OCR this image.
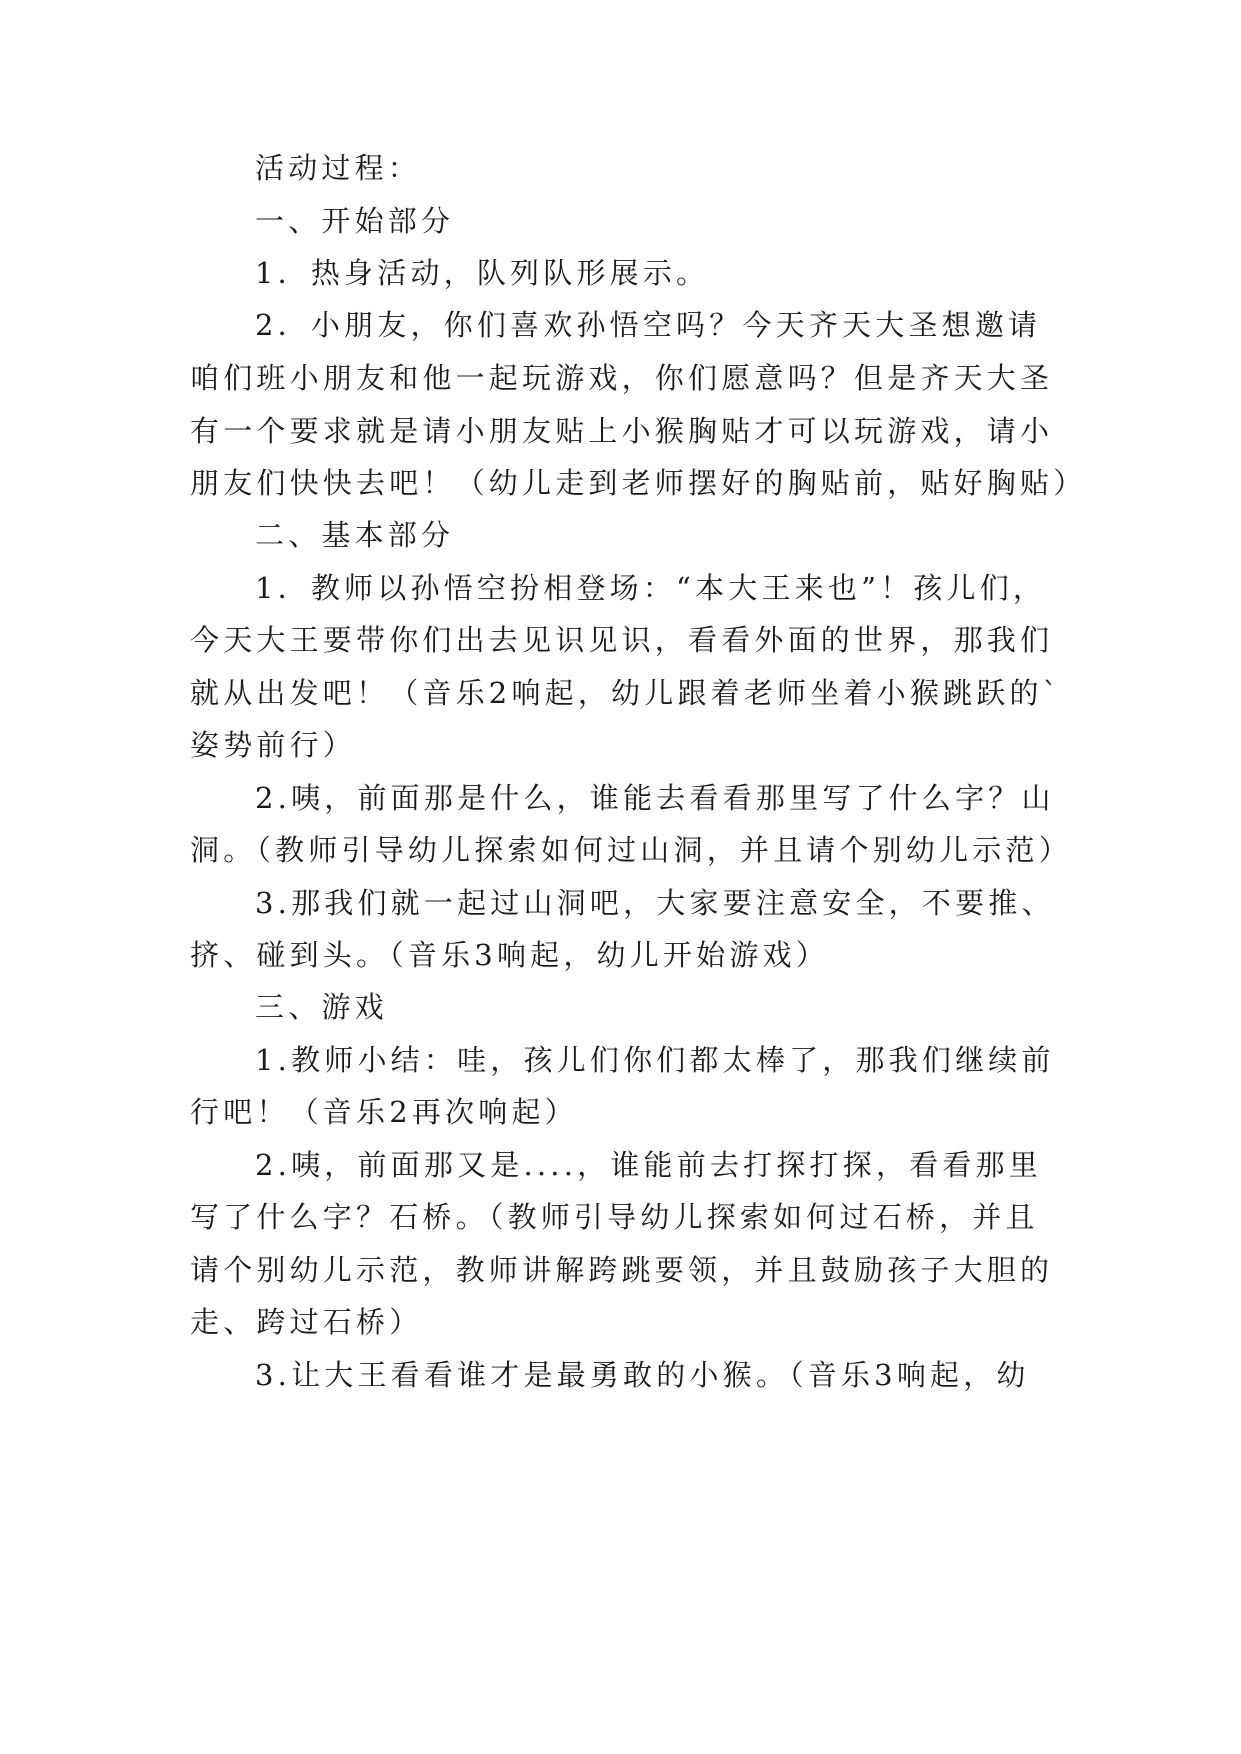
活动过程：
一、开始部分
1．热身活动，队列队形展示。
2．小朋友，你们喜欢孙悟空吗？今天齐天大圣想邀请
咱们班小朋友和他一起玩游戏，你们愿意吗？但是齐天大圣
有一个要求就是请小朋友贴上小猴胸贴才可以玩游戏，请小
朋友们快快去吧！（幼儿走到老师摆好的胸贴前，贴好胸贴）
二、基本部分
1．教师以孙悟空扮相登场：“本大王来也”！孩儿们，
今天大王要带你们出去见识见识，看看外面的世界，那我们
就从出发吧！（音乐2响起，幼儿跟着老师坐着小猴跳跃的`
姿势前行）
2.咦，前面那是什么，谁能去看看那里写了什么字？山
洞。（教师引导幼儿探索如何过山洞，并且请个别幼儿示范）
3.那我们就一起过山洞吧，大家要注意安全，不要推、
挤、碰到头。（音乐3响起，幼儿开始游戏）
三、游戏
1.教师小结：哇，孩儿们你们都太棒了，那我们继续前
行吧！（音乐2再次响起）
2.咦，前面那又是....，谁能前去打探打探，看看那里
写了什么字？石桥。（教师引导幼儿探索如何过石桥，并且
请个别幼儿示范，教师讲解跨跳要领，并且鼓励孩子大胆的
走、跨过石桥）
3.让大王看看谁才是最勇敢的小猴。（音乐3响起，幼
